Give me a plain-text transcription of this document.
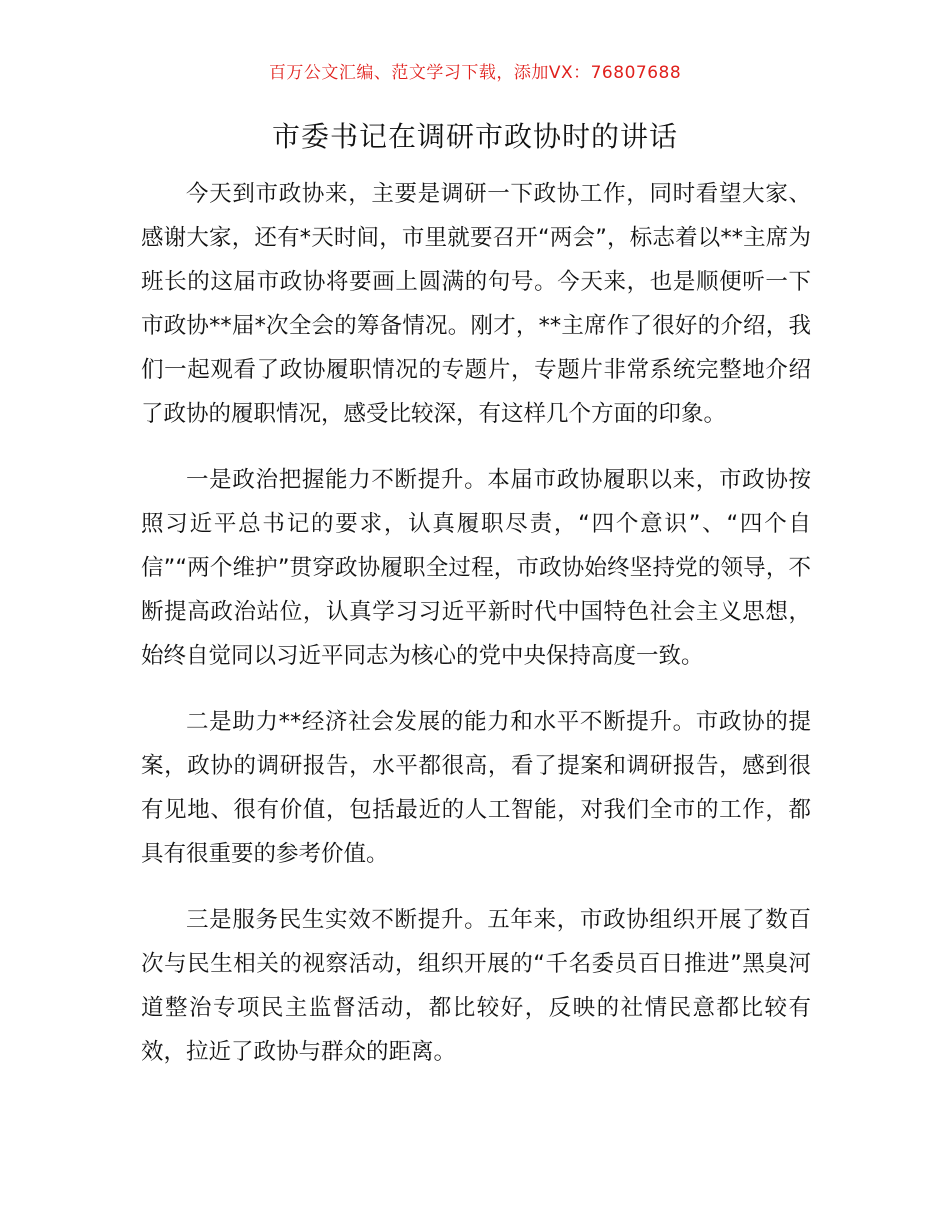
百万公文汇编、范文学习下载，添加VX：76807688
市委书记在调研市政协时的讲话

今天到市政协来，主要是调研一下政协工作，同时看望大家、感谢大家，还有*天时间，市里就要召开“两会”，标志着以**主席为班长的这届市政协将要画上圆满的句号。今天来，也是顺便听一下市政协**届*次全会的筹备情况。刚才，**主席作了很好的介绍，我们一起观看了政协履职情况的专题片，专题片非常系统完整地介绍了政协的履职情况，感受比较深，有这样几个方面的印象。

一是政治把握能力不断提升。本届市政协履职以来，市政协按照习近平总书记的要求，认真履职尽责，“四个意识”、“四个自信”“两个维护”贯穿政协履职全过程，市政协始终坚持党的领导，不断提高政治站位，认真学习习近平新时代中国特色社会主义思想，始终自觉同以习近平同志为核心的党中央保持高度一致。

二是助力**经济社会发展的能力和水平不断提升。市政协的提案，政协的调研报告，水平都很高，看了提案和调研报告，感到很有见地、很有价值，包括最近的人工智能，对我们全市的工作，都具有很重要的参考价值。

三是服务民生实效不断提升。五年来，市政协组织开展了数百次与民生相关的视察活动，组织开展的“千名委员百日推进”黑臭河道整治专项民主监督活动，都比较好，反映的社情民意都比较有效，拉近了政协与群众的距离。
